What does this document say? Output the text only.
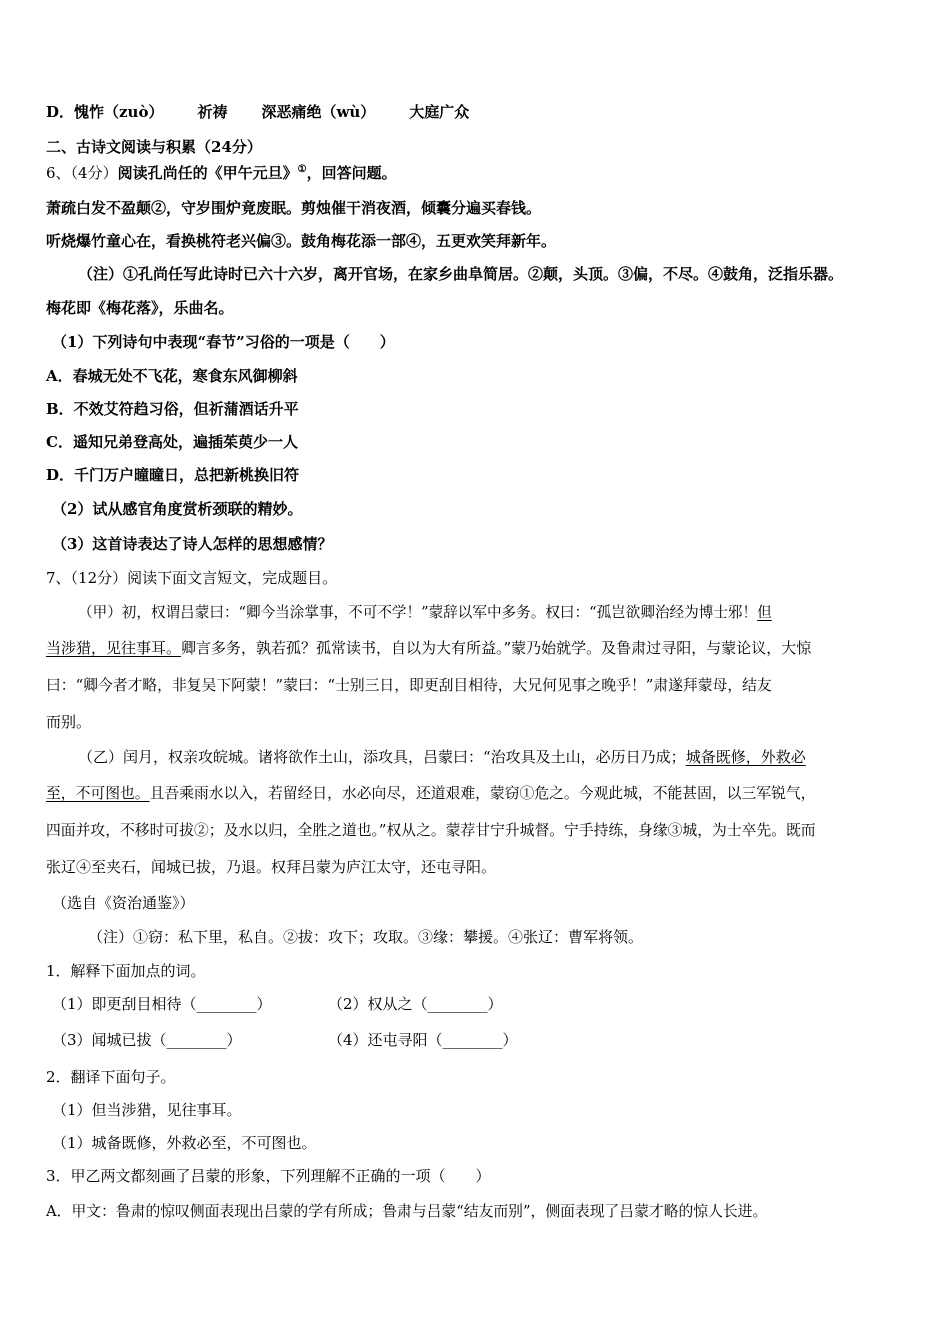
D．愧怍（zuò） 祈祷 深恶痛绝（wù） 大庭广众
二、古诗文阅读与积累（24分）
6、（4分）阅读孔尚任的《甲午元旦》①，回答问题。
萧疏白发不盈颠②，守岁围炉竟废眠。剪烛催干消夜酒，倾囊分遍买春钱。
听烧爆竹童心在，看换桃符老兴偏③。鼓角梅花添一部④，五更欢笑拜新年。
（注）①孔尚任写此诗时已六十六岁，离开官场，在家乡曲阜简居。②颠，头顶。③偏，不尽。④鼓角，泛指乐器。
梅花即《梅花落》，乐曲名。
（1）下列诗句中表现“春节”习俗的一项是（　　）
A．春城无处不飞花，寒食东风御柳斜
B．不效艾符趋习俗，但祈蒲酒话升平
C．遥知兄弟登高处，遍插茱萸少一人
D．千门万户曈曈日，总把新桃换旧符
（2）试从感官角度赏析颈联的精妙。
（3）这首诗表达了诗人怎样的思想感情？
7、（12分）阅读下面文言短文，完成题目。
（甲）初，权谓吕蒙曰：“卿今当涂掌事，不可不学！”蒙辞以军中多务。权曰：“孤岂欲卿治经为博士邪！但
当涉猎，见往事耳。卿言多务，孰若孤？孤常读书，自以为大有所益。”蒙乃始就学。及鲁肃过寻阳，与蒙论议，大惊
曰：“卿今者才略，非复吴下阿蒙！”蒙曰：“士别三日，即更刮目相待，大兄何见事之晚乎！”肃遂拜蒙母，结友
而别。
（乙）闰月，权亲攻皖城。诸将欲作土山，添攻具，吕蒙曰：“治攻具及土山，必历日乃成；城备既修，外救必
至，不可图也。且吾乘雨水以入，若留经日，水必向尽，还道艰难，蒙窃①危之。今观此城，不能甚固，以三军锐气，
四面并攻，不移时可拔②；及水以归，全胜之道也。”权从之。蒙荐甘宁升城督。宁手持练，身缘③城，为士卒先。既而
张辽④至夹石，闻城已拔，乃退。权拜吕蒙为庐江太守，还屯寻阳。
（选自《资治通鉴》）
（注）①窃：私下里，私自。②拔：攻下；攻取。③缘：攀援。④张辽：曹军将领。
1．解释下面加点的词。
（1）即更刮目相待（________）	（2）权从之（________）
（3）闻城已拔（________）	（4）还屯寻阳（________）
2．翻译下面句子。
（1）但当涉猎，见往事耳。
（1）城备既修，外救必至，不可图也。
3．甲乙两文都刻画了吕蒙的形象，下列理解不正确的一项（　　）
A．甲文：鲁肃的惊叹侧面表现出吕蒙的学有所成；鲁肃与吕蒙“结友而别”，侧面表现了吕蒙才略的惊人长进。
